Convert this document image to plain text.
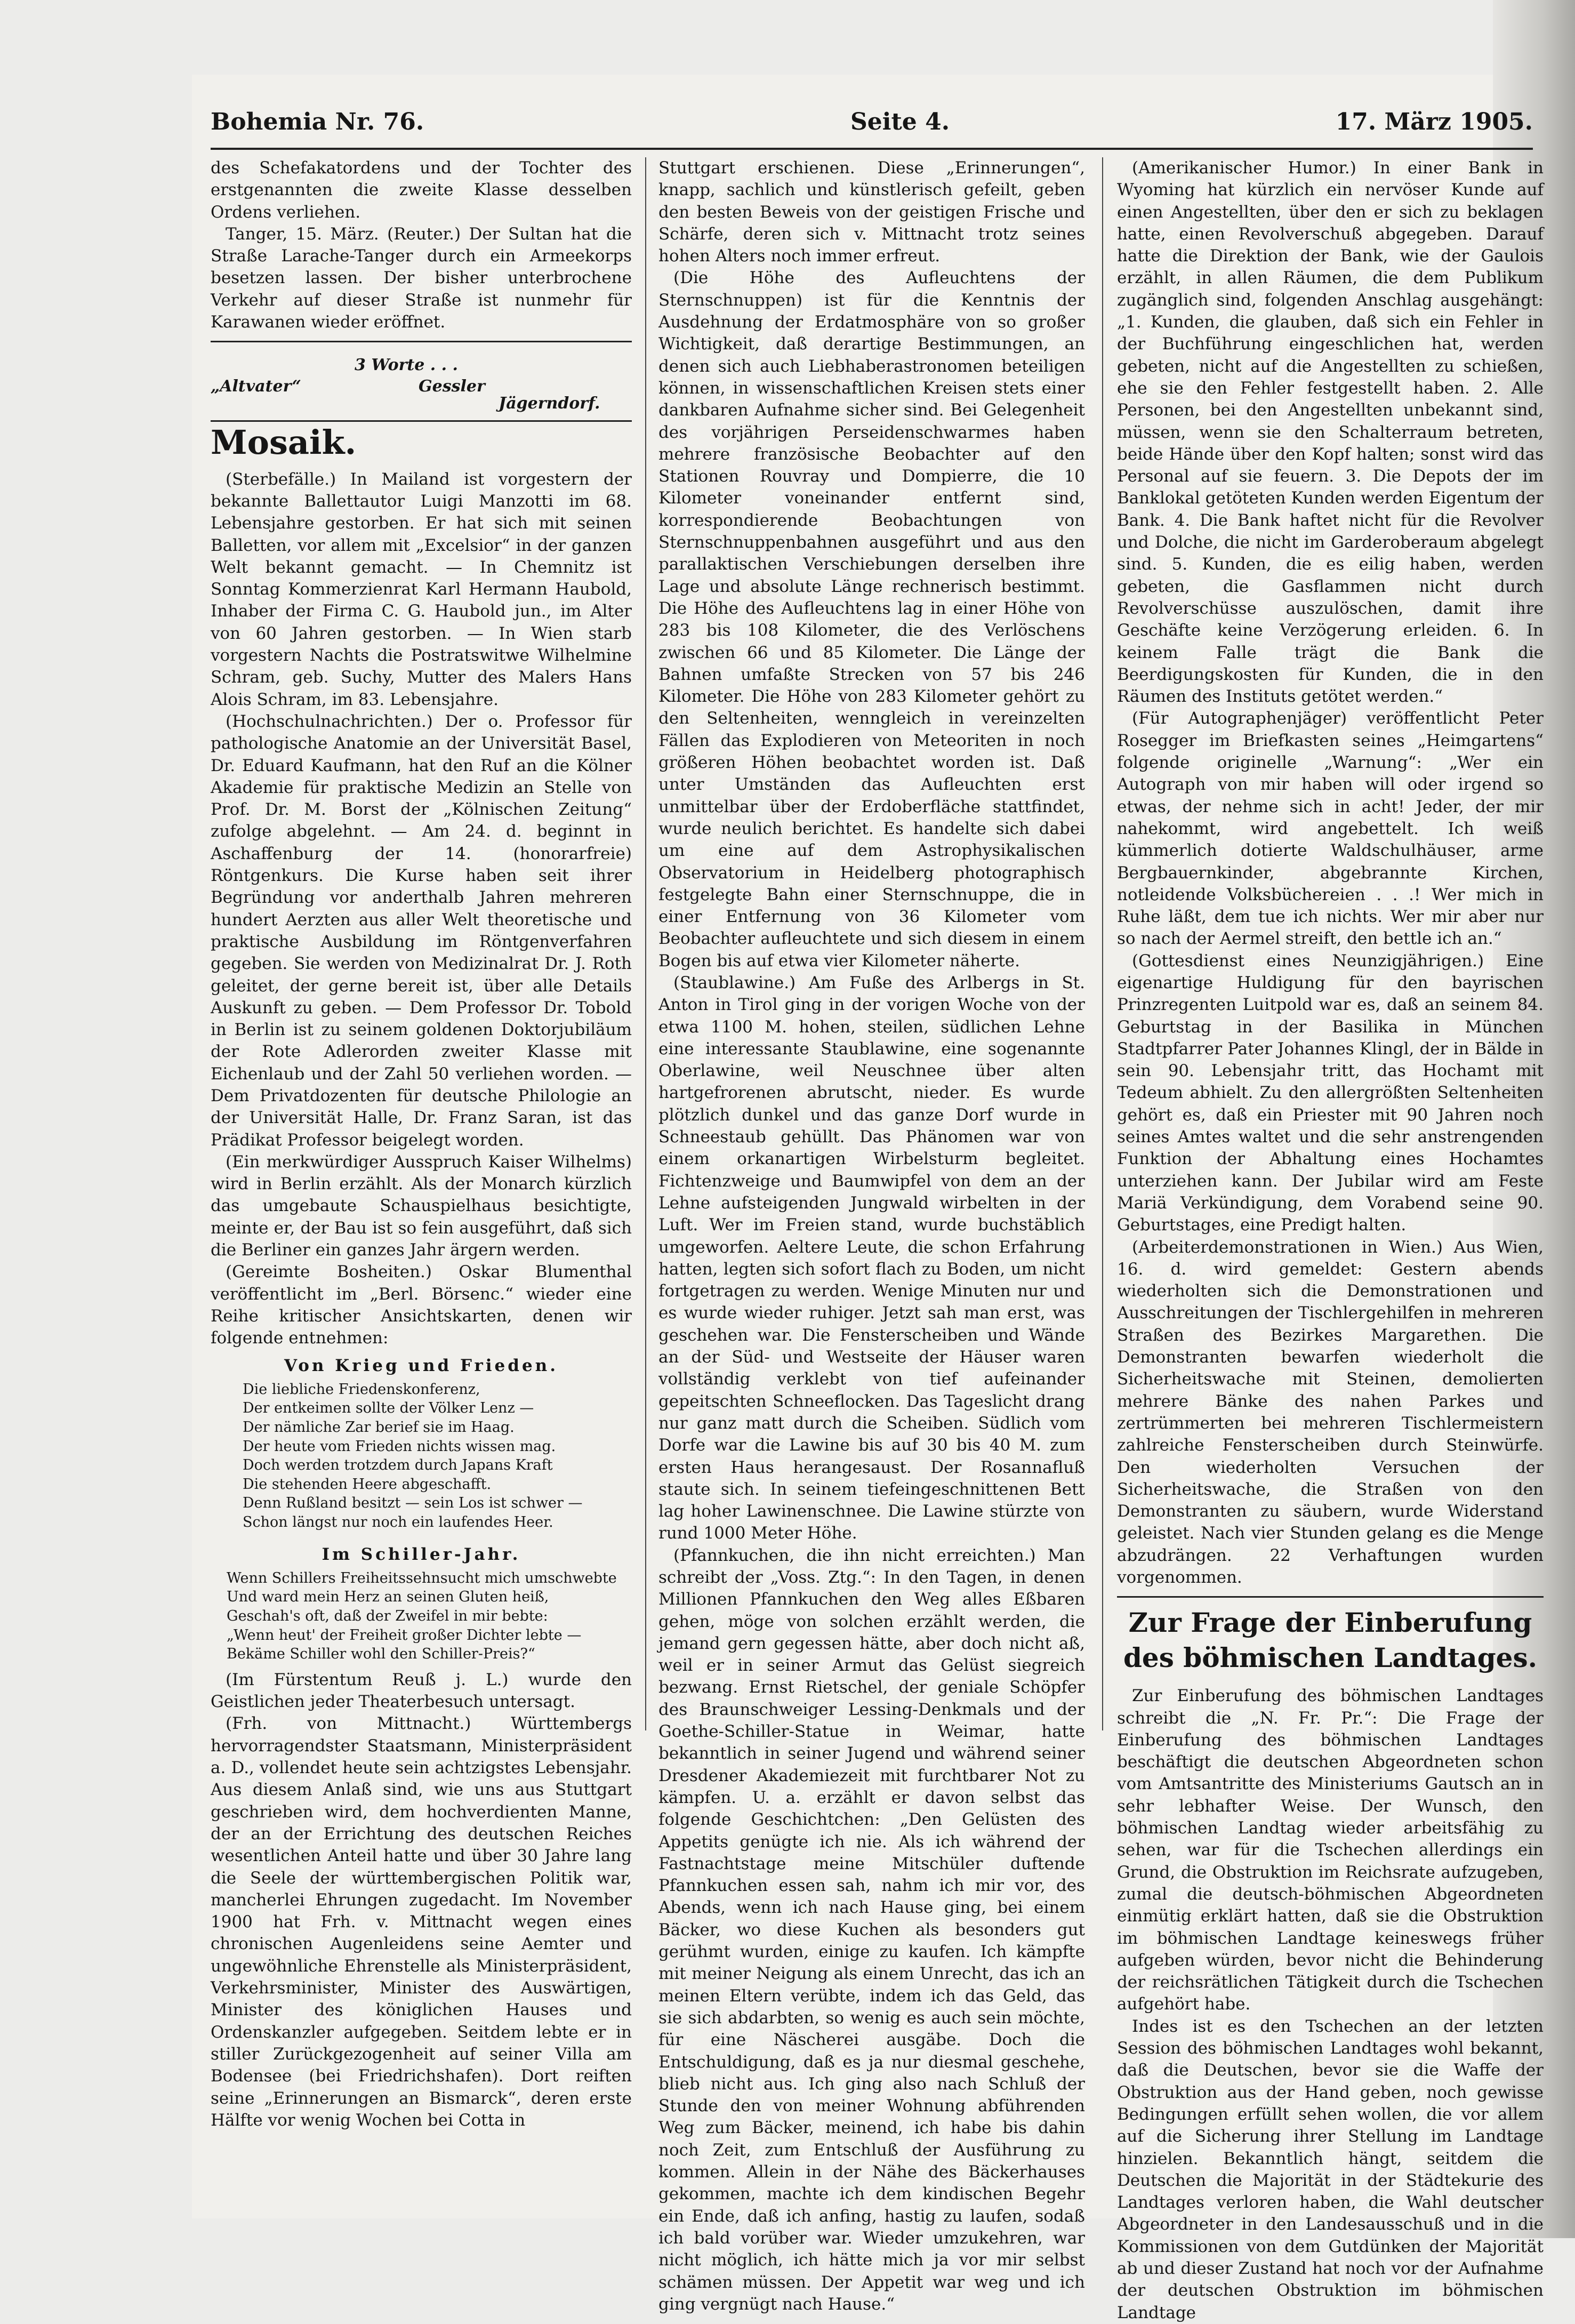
Bohemia Nr. 76.	Seite 4.	17. März 1905.

des Schefakatordens und der Tochter des erstgenannten die zweite Klasse desselben Ordens verliehen.

Tanger, 15. März. (Reuter.) Der Sultan hat die Straße Larache-Tanger durch ein Armeekorps besetzen lassen. Der bisher unterbrochene Verkehr auf dieser Straße ist nunmehr für Karawanen wieder eröffnet.

3 Worte . . .
„Altvater“	Gessler
Jägerndorf.
Mosaik.

(Sterbefälle.) In Mailand ist vorgestern der bekannte Ballettautor Luigi Manzotti im 68. Lebensjahre gestorben. Er hat sich mit seinen Balletten, vor allem mit „Excelsior“ in der ganzen Welt bekannt gemacht. — In Chemnitz ist Sonntag Kommerzienrat Karl Hermann Haubold, Inhaber der Firma C. G. Haubold jun., im Alter von 60 Jahren gestorben. — In Wien starb vorgestern Nachts die Postratswitwe Wilhelmine Schram, geb. Suchy, Mutter des Malers Hans Alois Schram, im 83. Lebensjahre.

(Hochschulnachrichten.) Der o. Professor für pathologische Anatomie an der Universität Basel, Dr. Eduard Kaufmann, hat den Ruf an die Kölner Akademie für praktische Medizin an Stelle von Prof. Dr. M. Borst der „Kölnischen Zeitung“ zufolge abgelehnt. — Am 24. d. beginnt in Aschaffenburg der 14. (honorarfreie) Röntgenkurs. Die Kurse haben seit ihrer Begründung vor anderthalb Jahren mehreren hundert Aerzten aus aller Welt theoretische und praktische Ausbildung im Röntgenverfahren gegeben. Sie werden von Medizinalrat Dr. J. Roth geleitet, der gerne bereit ist, über alle Details Auskunft zu geben. — Dem Professor Dr. Tobold in Berlin ist zu seinem goldenen Doktorjubiläum der Rote Adlerorden zweiter Klasse mit Eichenlaub und der Zahl 50 verliehen worden. — Dem Privatdozenten für deutsche Philologie an der Universität Halle, Dr. Franz Saran, ist das Prädikat Professor beigelegt worden.

(Ein merkwürdiger Ausspruch Kaiser Wilhelms) wird in Berlin erzählt. Als der Monarch kürzlich das umgebaute Schauspielhaus besichtigte, meinte er, der Bau ist so fein ausgeführt, daß sich die Berliner ein ganzes Jahr ärgern werden.

(Gereimte Bosheiten.) Oskar Blumenthal veröffentlicht im „Berl. Börsenc.“ wieder eine Reihe kritischer Ansichtskarten, denen wir folgende entnehmen:

Von Krieg und Frieden.

Die liebliche Friedenskonferenz,

Der entkeimen sollte der Völker Lenz —

Der nämliche Zar berief sie im Haag.

Der heute vom Frieden nichts wissen mag.

Doch werden trotzdem durch Japans Kraft

Die stehenden Heere abgeschafft.

Denn Rußland besitzt — sein Los ist schwer —

Schon längst nur noch ein laufendes Heer.

Im Schiller-Jahr.

Wenn Schillers Freiheitssehnsucht mich umschwebte

Und ward mein Herz an seinen Gluten heiß,

Geschah's oft, daß der Zweifel in mir bebte:

„Wenn heut' der Freiheit großer Dichter lebte —

Bekäme Schiller wohl den Schiller-Preis?“

(Im Fürstentum Reuß j. L.) wurde den Geistlichen jeder Theaterbesuch untersagt.

(Frh. von Mittnacht.) Württembergs hervorragendster Staatsmann, Ministerpräsident a. D., vollendet heute sein achtzigstes Lebensjahr. Aus diesem Anlaß sind, wie uns aus Stuttgart geschrieben wird, dem hochverdienten Manne, der an der Errichtung des deutschen Reiches wesentlichen Anteil hatte und über 30 Jahre lang die Seele der württembergischen Politik war, mancherlei Ehrungen zugedacht. Im November 1900 hat Frh. v. Mittnacht wegen eines chronischen Augenleidens seine Aemter und ungewöhnliche Ehrenstelle als Ministerpräsident, Verkehrsminister, Minister des Auswärtigen, Minister des königlichen Hauses und Ordenskanzler aufgegeben. Seitdem lebte er in stiller Zurückgezogenheit auf seiner Villa am Bodensee (bei Friedrichshafen). Dort reiften seine „Erinnerungen an Bismarck“, deren erste Hälfte vor wenig Wochen bei Cotta in

Stuttgart erschienen. Diese „Erinnerungen“, knapp, sachlich und künstlerisch gefeilt, geben den besten Beweis von der geistigen Frische und Schärfe, deren sich v. Mittnacht trotz seines hohen Alters noch immer erfreut.

(Die Höhe des Aufleuchtens der Sternschnuppen) ist für die Kenntnis der Ausdehnung der Erdatmosphäre von so großer Wichtigkeit, daß derartige Bestimmungen, an denen sich auch Liebhaberastronomen beteiligen können, in wissenschaftlichen Kreisen stets einer dankbaren Aufnahme sicher sind. Bei Gelegenheit des vorjährigen Perseidenschwarmes haben mehrere französische Beobachter auf den Stationen Rouvray und Dompierre, die 10 Kilometer voneinander entfernt sind, korrespondierende Beobachtungen von Sternschnuppenbahnen ausgeführt und aus den parallaktischen Verschiebungen derselben ihre Lage und absolute Länge rechnerisch bestimmt. Die Höhe des Aufleuchtens lag in einer Höhe von 283 bis 108 Kilometer, die des Verlöschens zwischen 66 und 85 Kilometer. Die Länge der Bahnen umfaßte Strecken von 57 bis 246 Kilometer. Die Höhe von 283 Kilometer gehört zu den Seltenheiten, wenngleich in vereinzelten Fällen das Explodieren von Meteoriten in noch größeren Höhen beobachtet worden ist. Daß unter Umständen das Aufleuchten erst unmittelbar über der Erdoberfläche stattfindet, wurde neulich berichtet. Es handelte sich dabei um eine auf dem Astrophysikalischen Observatorium in Heidelberg photographisch festgelegte Bahn einer Sternschnuppe, die in einer Entfernung von 36 Kilometer vom Beobachter aufleuchtete und sich diesem in einem Bogen bis auf etwa vier Kilometer näherte.

(Staublawine.) Am Fuße des Arlbergs in St. Anton in Tirol ging in der vorigen Woche von der etwa 1100 M. hohen, steilen, südlichen Lehne eine interessante Staublawine, eine sogenannte Oberlawine, weil Neuschnee über alten hartgefrorenen abrutscht, nieder. Es wurde plötzlich dunkel und das ganze Dorf wurde in Schneestaub gehüllt. Das Phänomen war von einem orkanartigen Wirbelsturm begleitet. Fichtenzweige und Baumwipfel von dem an der Lehne aufsteigenden Jungwald wirbelten in der Luft. Wer im Freien stand, wurde buchstäblich umgeworfen. Aeltere Leute, die schon Erfahrung hatten, legten sich sofort flach zu Boden, um nicht fortgetragen zu werden. Wenige Minuten nur und es wurde wieder ruhiger. Jetzt sah man erst, was geschehen war. Die Fensterscheiben und Wände an der Süd- und Westseite der Häuser waren vollständig verklebt von tief aufeinander gepeitschten Schneeflocken. Das Tageslicht drang nur ganz matt durch die Scheiben. Südlich vom Dorfe war die Lawine bis auf 30 bis 40 M. zum ersten Haus herangesaust. Der Rosannafluß staute sich. In seinem tiefeingeschnittenen Bett lag hoher Lawinenschnee. Die Lawine stürzte von rund 1000 Meter Höhe.

(Pfannkuchen, die ihn nicht erreichten.) Man schreibt der „Voss. Ztg.“: In den Tagen, in denen Millionen Pfannkuchen den Weg alles Eßbaren gehen, möge von solchen erzählt werden, die jemand gern gegessen hätte, aber doch nicht aß, weil er in seiner Armut das Gelüst siegreich bezwang. Ernst Rietschel, der geniale Schöpfer des Braunschweiger Lessing-Denkmals und der Goethe-Schiller-Statue in Weimar, hatte bekanntlich in seiner Jugend und während seiner Dresdener Akademiezeit mit furchtbarer Not zu kämpfen. U. a. erzählt er davon selbst das folgende Geschichtchen: „Den Gelüsten des Appetits genügte ich nie. Als ich während der Fastnachtstage meine Mitschüler duftende Pfannkuchen essen sah, nahm ich mir vor, des Abends, wenn ich nach Hause ging, bei einem Bäcker, wo diese Kuchen als besonders gut gerühmt wurden, einige zu kaufen. Ich kämpfte mit meiner Neigung als einem Unrecht, das ich an meinen Eltern verübte, indem ich das Geld, das sie sich abdarbten, so wenig es auch sein möchte, für eine Näscherei ausgäbe. Doch die Entschuldigung, daß es ja nur diesmal geschehe, blieb nicht aus. Ich ging also nach Schluß der Stunde den von meiner Wohnung abführenden Weg zum Bäcker, meinend, ich habe bis dahin noch Zeit, zum Entschluß der Ausführung zu kommen. Allein in der Nähe des Bäckerhauses gekommen, machte ich dem kindischen Begehr ein Ende, daß ich anfing, hastig zu laufen, sodaß ich bald vorüber war. Wieder umzukehren, war nicht möglich, ich hätte mich ja vor mir selbst schämen müssen. Der Appetit war weg und ich ging vergnügt nach Hause.“

(Amerikanischer Humor.) In einer Bank in Wyoming hat kürzlich ein nervöser Kunde auf einen Angestellten, über den er sich zu beklagen hatte, einen Revolverschuß abgegeben. Darauf hatte die Direktion der Bank, wie der Gaulois erzählt, in allen Räumen, die dem Publikum zugänglich sind, folgenden Anschlag ausgehängt: „1. Kunden, die glauben, daß sich ein Fehler in der Buchführung eingeschlichen hat, werden gebeten, nicht auf die Angestellten zu schießen, ehe sie den Fehler festgestellt haben. 2. Alle Personen, bei den Angestellten unbekannt sind, müssen, wenn sie den Schalterraum betreten, beide Hände über den Kopf halten; sonst wird das Personal auf sie feuern. 3. Die Depots der im Banklokal getöteten Kunden werden Eigentum der Bank. 4. Die Bank haftet nicht für die Revolver und Dolche, die nicht im Garderoberaum abgelegt sind. 5. Kunden, die es eilig haben, werden gebeten, die Gasflammen nicht durch Revolverschüsse auszulöschen, damit ihre Geschäfte keine Verzögerung erleiden. 6. In keinem Falle trägt die Bank die Beerdigungskosten für Kunden, die in den Räumen des Instituts getötet werden.“

(Für Autographenjäger) veröffentlicht Peter Rosegger im Briefkasten seines „Heimgartens“ folgende originelle „Warnung“: „Wer ein Autograph von mir haben will oder irgend so etwas, der nehme sich in acht! Jeder, der mir nahekommt, wird angebettelt. Ich weiß kümmerlich dotierte Waldschulhäuser, arme Bergbauernkinder, abgebrannte Kirchen, notleidende Volksbüchereien . . .! Wer mich in Ruhe läßt, dem tue ich nichts. Wer mir aber nur so nach der Aermel streift, den bettle ich an.“

(Gottesdienst eines Neunzigjährigen.) Eine eigenartige Huldigung für den bayrischen Prinzregenten Luitpold war es, daß an seinem 84. Geburtstag in der Basilika in München Stadtpfarrer Pater Johannes Klingl, der in Bälde in sein 90. Lebensjahr tritt, das Hochamt mit Tedeum abhielt. Zu den allergrößten Seltenheiten gehört es, daß ein Priester mit 90 Jahren noch seines Amtes waltet und die sehr anstrengenden Funktion der Abhaltung eines Hochamtes unterziehen kann. Der Jubilar wird am Feste Mariä Verkündigung, dem Vorabend seine 90. Geburtstages, eine Predigt halten.

(Arbeiterdemonstrationen in Wien.) Aus Wien, 16. d. wird gemeldet: Gestern abends wiederholten sich die Demonstrationen und Ausschreitungen der Tischlergehilfen in mehreren Straßen des Bezirkes Margarethen. Die Demonstranten bewarfen wiederholt die Sicherheitswache mit Steinen, demolierten mehrere Bänke des nahen Parkes und zertrümmerten bei mehreren Tischlermeistern zahlreiche Fensterscheiben durch Steinwürfe. Den wiederholten Versuchen der Sicherheitswache, die Straßen von den Demonstranten zu säubern, wurde Widerstand geleistet. Nach vier Stunden gelang es die Menge abzudrängen. 22 Verhaftungen wurden vorgenommen.

Zur Frage der Einberufung des böhmischen Landtages.

Zur Einberufung des böhmischen Landtages schreibt die „N. Fr. Pr.“: Die Frage der Einberufung des böhmischen Landtages beschäftigt die deutschen Abgeordneten schon vom Amtsantritte des Ministeriums Gautsch an in sehr lebhafter Weise. Der Wunsch, den böhmischen Landtag wieder arbeitsfähig zu sehen, war für die Tschechen allerdings ein Grund, die Obstruktion im Reichsrate aufzugeben, zumal die deutsch-böhmischen Abgeordneten einmütig erklärt hatten, daß sie die Obstruktion im böhmischen Landtage keineswegs früher aufgeben würden, bevor nicht die Behinderung der reichsrätlichen Tätigkeit durch die Tschechen aufgehört habe.

Indes ist es den Tschechen an der letzten Session des böhmischen Landtages wohl bekannt, daß die Deutschen, bevor sie die Waffe der Obstruktion aus der Hand geben, noch gewisse Bedingungen erfüllt sehen wollen, die vor allem auf die Sicherung ihrer Stellung im Landtage hinzielen. Bekanntlich hängt, seitdem die Deutschen die Majorität in der Städtekurie des Landtages verloren haben, die Wahl deutscher Abgeordneter in den Landesausschuß und in die Kommissionen von dem Gutdünken der Majorität ab und dieser Zustand hat noch vor der Aufnahme der deutschen Obstruktion im böhmischen Landtage
